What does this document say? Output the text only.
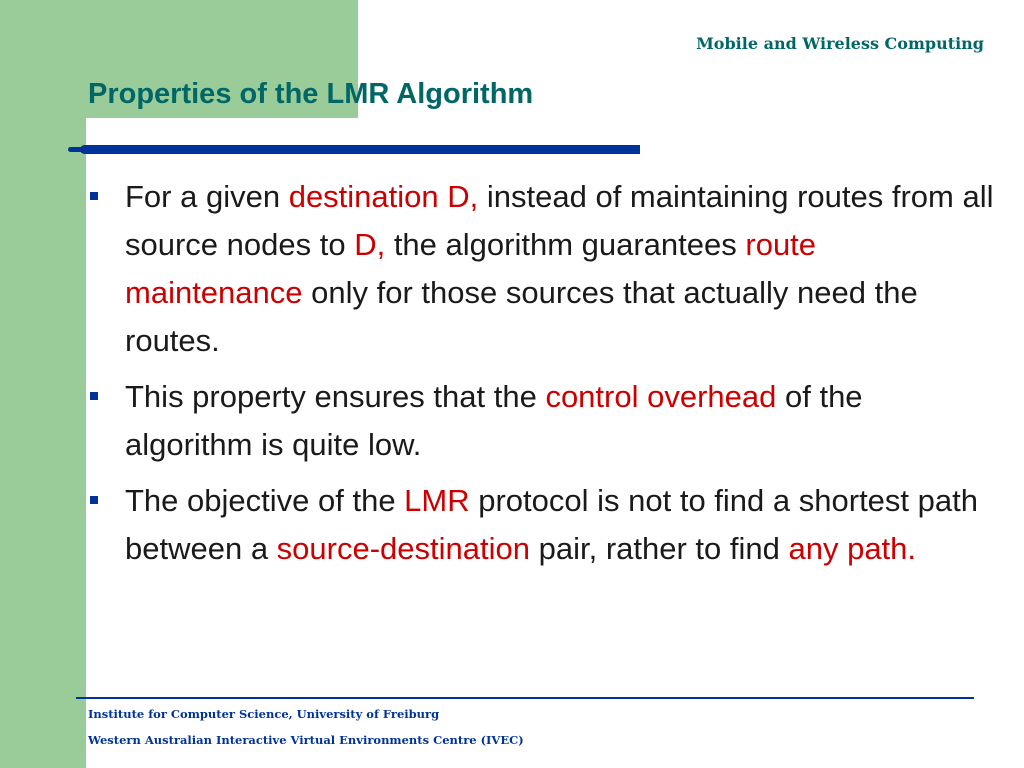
Mobile and Wireless Computing
Properties of the LMR Algorithm
For a given destination D, instead of maintaining routes from all source nodes to D, the algorithm guarantees route maintenance only for those sources that actually need the routes.
This property ensures that the control overhead of the algorithm is quite low.
The objective of the LMR protocol is not to find a shortest path between a source-destination pair, rather to find any path.
Institute for Computer Science, University of Freiburg
Western Australian Interactive Virtual Environments Centre (IVEC)
